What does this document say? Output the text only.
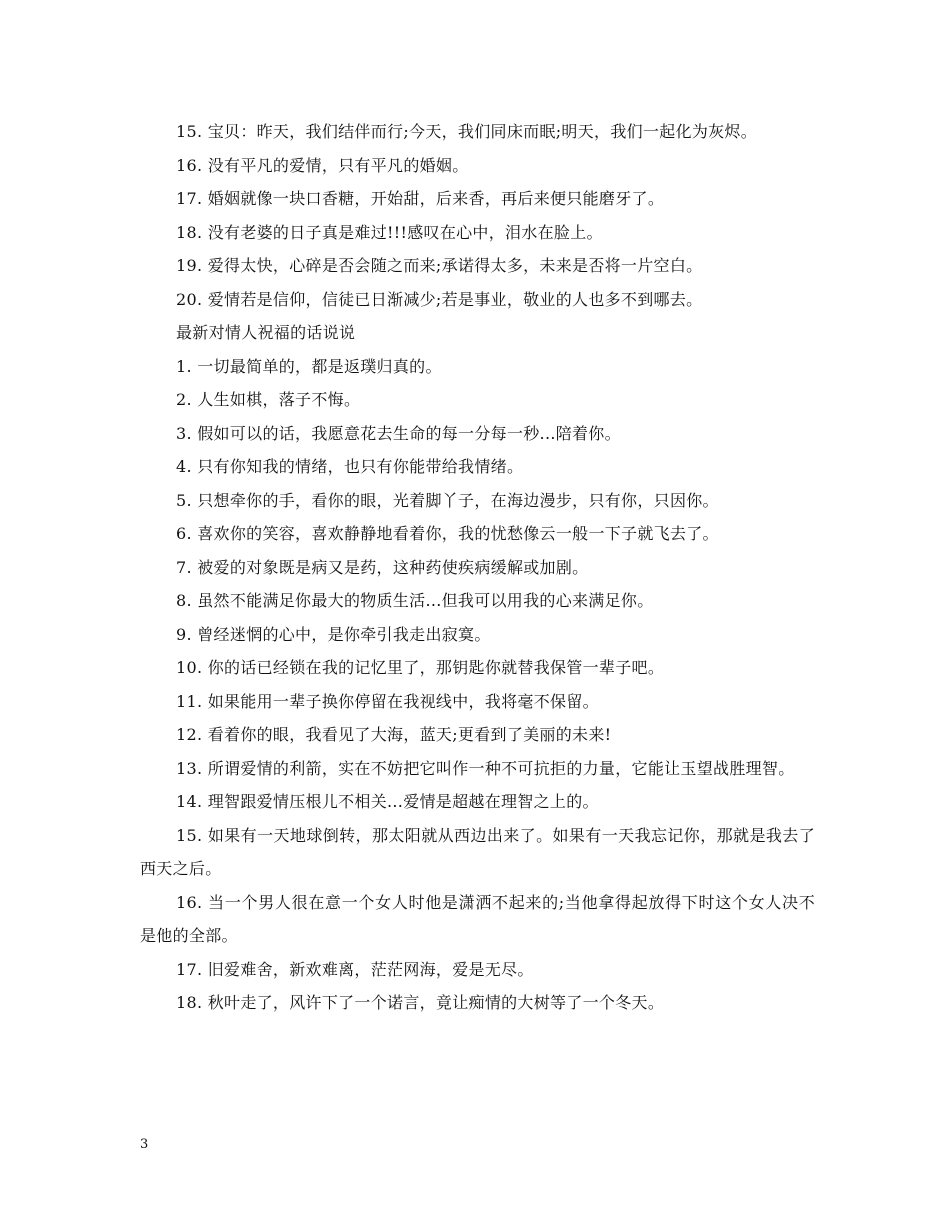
15. 宝贝：昨天，我们结伴而行;今天，我们同床而眠;明天，我们一起化为灰烬。

16. 没有平凡的爱情，只有平凡的婚姻。

17. 婚姻就像一块口香糖，开始甜，后来香，再后来便只能磨牙了。

18. 没有老婆的日子真是难过!!!感叹在心中，泪水在脸上。

19. 爱得太快，心碎是否会随之而来;承诺得太多，未来是否将一片空白。

20. 爱情若是信仰，信徒已日渐减少;若是事业，敬业的人也多不到哪去。

最新对情人祝福的话说说

1. 一切最简单的，都是返璞归真的。

2. 人生如棋，落子不悔。

3. 假如可以的话，我愿意花去生命的每一分每一秒...陪着你。

4. 只有你知我的情绪，也只有你能带给我情绪。

5. 只想牵你的手，看你的眼，光着脚丫子，在海边漫步，只有你，只因你。

6. 喜欢你的笑容，喜欢静静地看着你，我的忧愁像云一般一下子就飞去了。

7. 被爱的对象既是病又是药，这种药使疾病缓解或加剧。

8. 虽然不能满足你最大的物质生活...但我可以用我的心来满足你。

9. 曾经迷惘的心中，是你牵引我走出寂寞。

10. 你的话已经锁在我的记忆里了，那钥匙你就替我保管一辈子吧。

11. 如果能用一辈子换你停留在我视线中，我将毫不保留。

12. 看着你的眼，我看见了大海，蓝天;更看到了美丽的未来!

13. 所谓爱情的利箭，实在不妨把它叫作一种不可抗拒的力量，它能让玉望战胜理智。

14. 理智跟爱情压根儿不相关...爱情是超越在理智之上的。

15. 如果有一天地球倒转，那太阳就从西边出来了。如果有一天我忘记你，那就是我去了西天之后。

16. 当一个男人很在意一个女人时他是潇洒不起来的;当他拿得起放得下时这个女人决不是他的全部。

17. 旧爱难舍，新欢难离，茫茫网海，爱是无尽。

18. 秋叶走了，风许下了一个诺言，竟让痴情的大树等了一个冬天。

3
